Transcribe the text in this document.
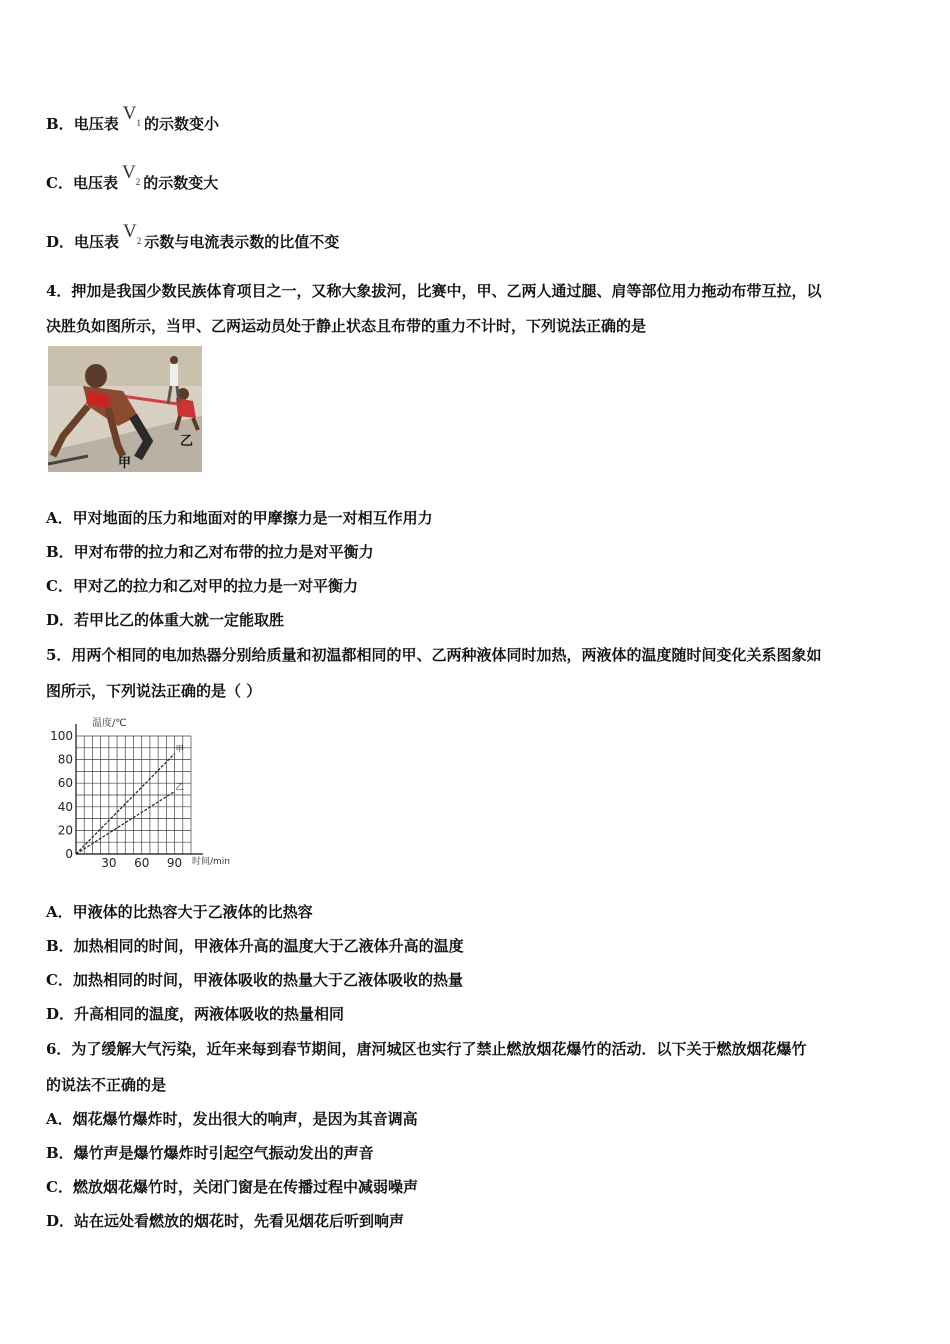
B．电压表 $V_1$ 的示数变小
C．电压表 $V_2$ 的示数变大
D．电压表 $V_2$ 示数与电流表示数的比值不变
4．押加是我国少数民族体育项目之一，又称大象拔河，比赛中，甲、乙两人通过腿、肩等部位用力拖动布带互拉，以
决胜负如图所示，当甲、乙两运动员处于静止状态且布带的重力不计时，下列说法正确的是
乙
甲
A．甲对地面的压力和地面对的甲摩擦力是一对相互作用力
B．甲对布带的拉力和乙对布带的拉力是对平衡力
C．甲对乙的拉力和乙对甲的拉力是一对平衡力
D．若甲比乙的体重大就一定能取胜
5．用两个相同的电加热器分别给质量和初温都相同的甲、乙两种液体同时加热，两液体的温度随时间变化关系图象如
图所示，下列说法正确的是（ ）
甲
乙
30 60 90
100
80
60
40
20
0
温度/℃
时间/min
A．甲液体的比热容大于乙液体的比热容
B．加热相同的时间，甲液体升高的温度大于乙液体升高的温度
C．加热相同的时间，甲液体吸收的热量大于乙液体吸收的热量
D．升高相同的温度，两液体吸收的热量相同
6．为了缓解大气污染，近年来每到春节期间，唐河城区也实行了禁止燃放烟花爆竹的活动．以下关于燃放烟花爆竹
的说法不正确的是
A．烟花爆竹爆炸时，发出很大的响声，是因为其音调高
B．爆竹声是爆竹爆炸时引起空气振动发出的声音
C．燃放烟花爆竹时，关闭门窗是在传播过程中减弱噪声
D．站在远处看燃放的烟花时，先看见烟花后听到响声
